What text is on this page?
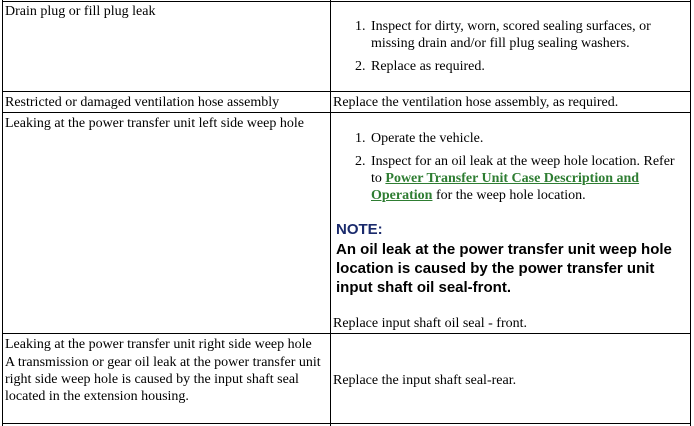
Drain plug or fill plug leak
1. Inspect for dirty, worn, scored sealing surfaces, or missing drain and/or fill plug sealing washers.
2. Replace as required.
Restricted or damaged ventilation hose assembly	Replace the ventilation hose assembly, as required.
Leaking at the power transfer unit left side weep hole
1. Operate the vehicle.
2. Inspect for an oil leak at the weep hole location. Refer to Power Transfer Unit Case Description and Operation for the weep hole location.
NOTE:
An oil leak at the power transfer unit weep hole location is caused by the power transfer unit input shaft oil seal-front.
Replace input shaft oil seal - front.
Leaking at the power transfer unit right side weep hole
A transmission or gear oil leak at the power transfer unit right side weep hole is caused by the input shaft seal located in the extension housing.
Replace the input shaft seal-rear.
